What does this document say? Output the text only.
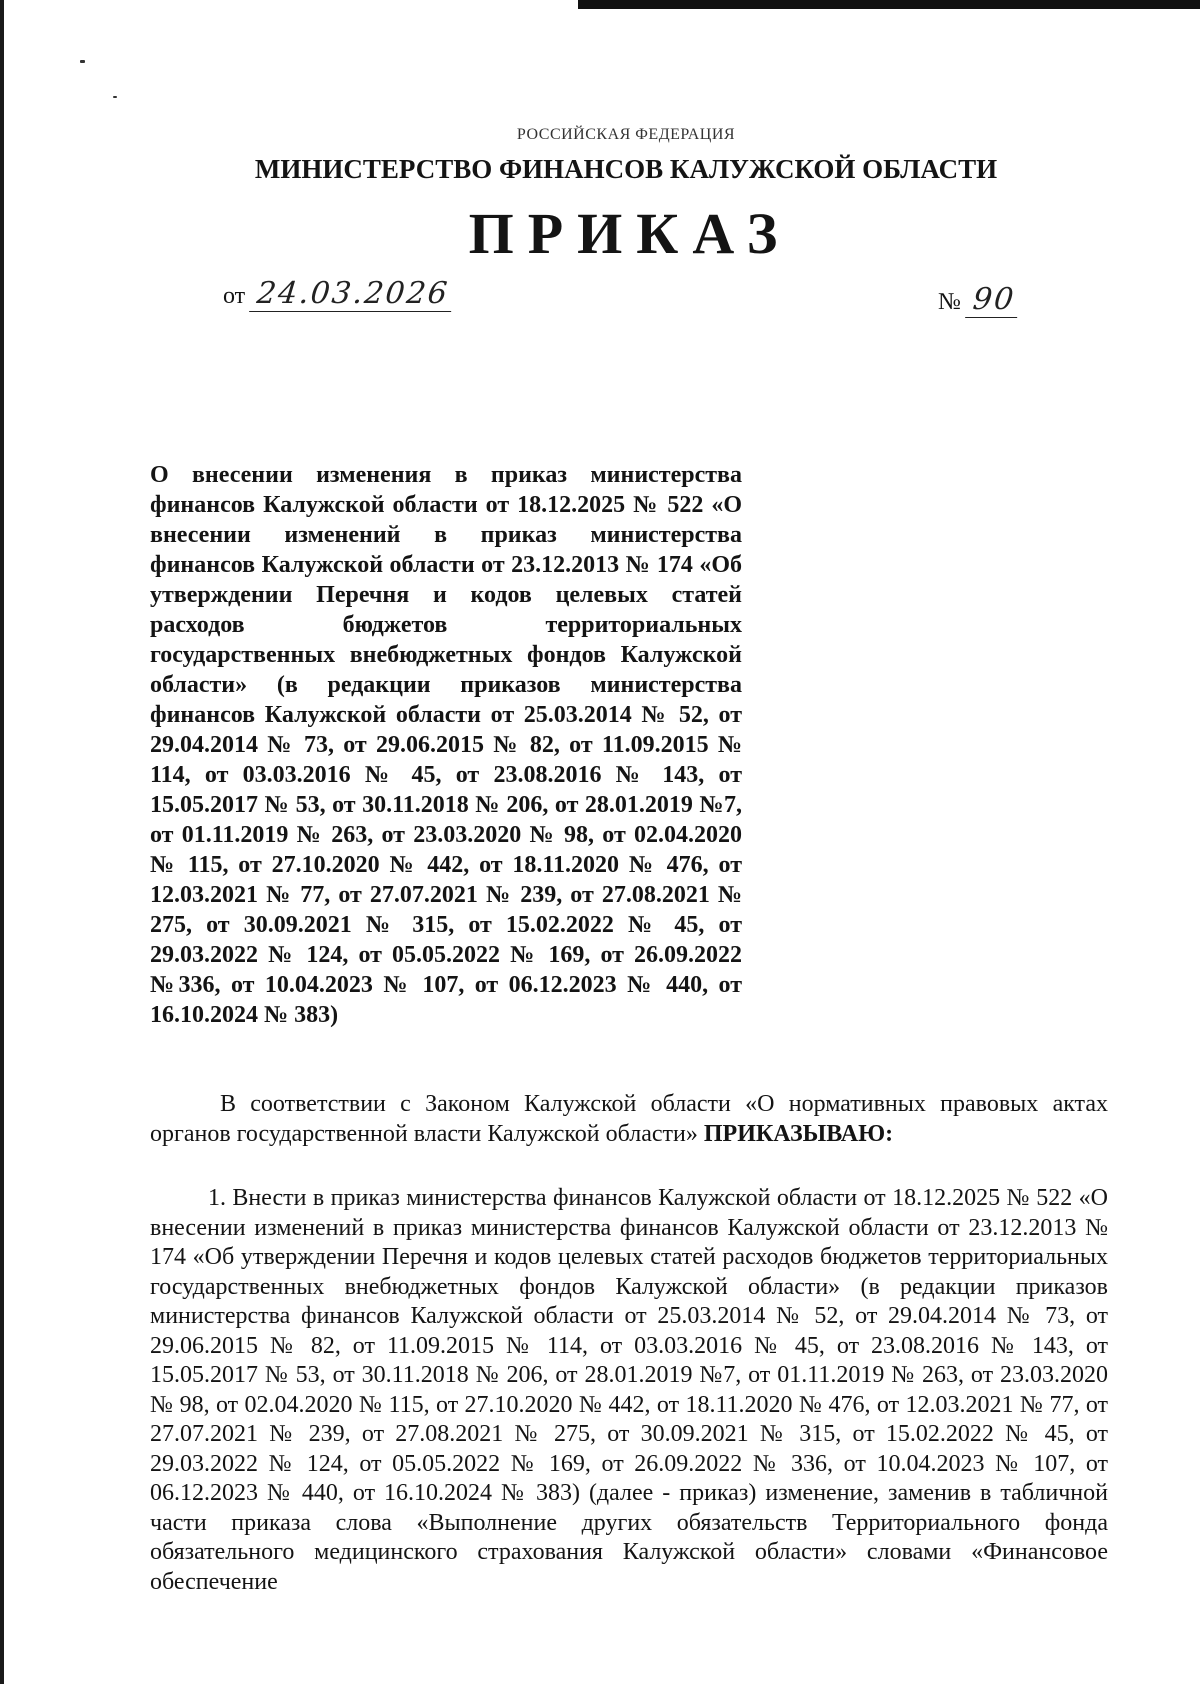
РОССИЙСКАЯ ФЕДЕРАЦИЯ
МИНИСТЕРСТВО ФИНАНСОВ КАЛУЖСКОЙ ОБЛАСТИ
ПРИКАЗ
от 24.03.2026	№ 90
О внесении изменения в приказ министерства финансов Калужской области от 18.12.2025 № 522 «О внесении изменений в приказ министерства финансов Калужской области от 23.12.2013 № 174 «Об утверждении Перечня и кодов целевых статей расходов бюджетов территориальных государственных внебюджетных фондов Калужской области» (в редакции приказов министерства финансов Калужской области от 25.03.2014 № 52, от 29.04.2014 № 73, от 29.06.2015 № 82, от 11.09.2015 № 114, от 03.03.2016 № 45, от 23.08.2016 № 143, от 15.05.2017 № 53, от 30.11.2018 № 206, от 28.01.2019 №7, от 01.11.2019 № 263, от 23.03.2020 № 98, от 02.04.2020 № 115, от 27.10.2020 № 442, от 18.11.2020 № 476, от 12.03.2021 № 77, от 27.07.2021 № 239, от 27.08.2021 № 275, от 30.09.2021 № 315, от 15.02.2022 № 45, от 29.03.2022 № 124, от 05.05.2022 № 169, от 26.09.2022 №336, от 10.04.2023 № 107, от 06.12.2023 № 440, от 16.10.2024 № 383)
В соответствии с Законом Калужской области «О нормативных правовых актах органов государственной власти Калужской области» ПРИКАЗЫВАЮ:
1. Внести в приказ министерства финансов Калужской области от 18.12.2025 № 522 «О внесении изменений в приказ министерства финансов Калужской области от 23.12.2013 № 174 «Об утверждении Перечня и кодов целевых статей расходов бюджетов территориальных государственных внебюджетных фондов Калужской области» (в редакции приказов министерства финансов Калужской области от 25.03.2014 № 52, от 29.04.2014 № 73, от 29.06.2015 № 82, от 11.09.2015 № 114, от 03.03.2016 № 45, от 23.08.2016 № 143, от 15.05.2017 № 53, от 30.11.2018 № 206, от 28.01.2019 №7, от 01.11.2019 № 263, от 23.03.2020 № 98, от 02.04.2020 № 115, от 27.10.2020 № 442, от 18.11.2020 № 476, от 12.03.2021 № 77, от 27.07.2021 № 239, от 27.08.2021 № 275, от 30.09.2021 № 315, от 15.02.2022 № 45, от 29.03.2022 № 124, от 05.05.2022 № 169, от 26.09.2022 № 336, от 10.04.2023 № 107, от 06.12.2023 № 440, от 16.10.2024 № 383) (далее - приказ) изменение, заменив в табличной части приказа слова «Выполнение других обязательств Территориального фонда обязательного медицинского страхования Калужской области» словами «Финансовое обеспечение
